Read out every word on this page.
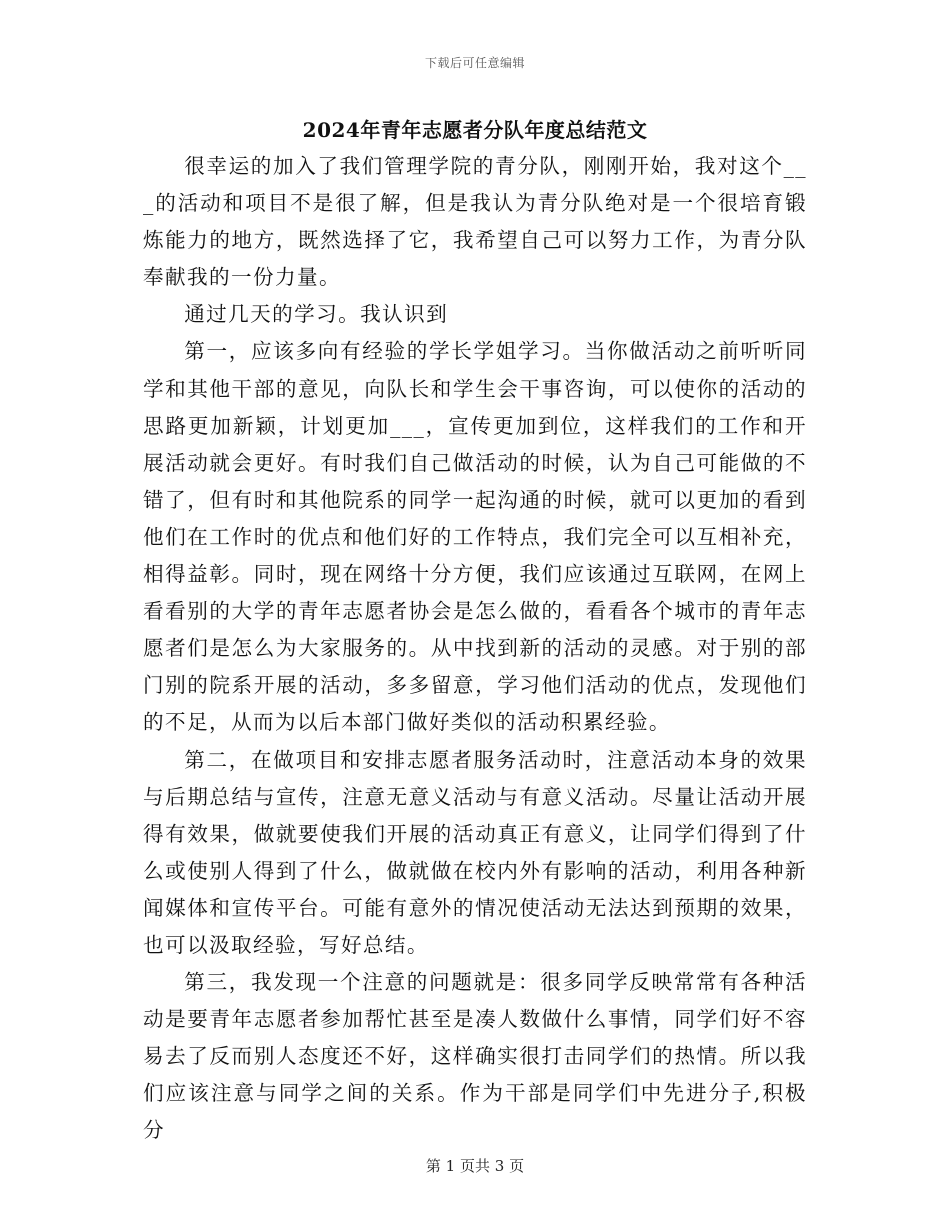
下载后可任意编辑
2024年青年志愿者分队年度总结范文

很幸运的加入了我们管理学院的青分队，刚刚开始，我对这个___的活动和项目不是很了解，但是我认为青分队绝对是一个很培育锻炼能力的地方，既然选择了它，我希望自己可以努力工作，为青分队奉献我的一份力量。

通过几天的学习。我认识到

第一，应该多向有经验的学长学姐学习。当你做活动之前听听同学和其他干部的意见，向队长和学生会干事咨询，可以使你的活动的思路更加新颖，计划更加___，宣传更加到位，这样我们的工作和开展活动就会更好。有时我们自己做活动的时候，认为自己可能做的不错了，但有时和其他院系的同学一起沟通的时候，就可以更加的看到他们在工作时的优点和他们好的工作特点，我们完全可以互相补充，相得益彰。同时，现在网络十分方便，我们应该通过互联网，在网上看看别的大学的青年志愿者协会是怎么做的，看看各个城市的青年志愿者们是怎么为大家服务的。从中找到新的活动的灵感。对于别的部门别的院系开展的活动，多多留意，学习他们活动的优点，发现他们的不足，从而为以后本部门做好类似的活动积累经验。

第二，在做项目和安排志愿者服务活动时，注意活动本身的效果与后期总结与宣传，注意无意义活动与有意义活动。尽量让活动开展得有效果，做就要使我们开展的活动真正有意义，让同学们得到了什么或使别人得到了什么，做就做在校内外有影响的活动，利用各种新闻媒体和宣传平台。可能有意外的情况使活动无法达到预期的效果，也可以汲取经验，写好总结。

第三，我发现一个注意的问题就是：很多同学反映常常有各种活动是要青年志愿者参加帮忙甚至是凑人数做什么事情，同学们好不容易去了反而别人态度还不好，这样确实很打击同学们的热情。所以我们应该注意与同学之间的关系。作为干部是同学们中先进分子,积极分

第 1 页共 3 页
